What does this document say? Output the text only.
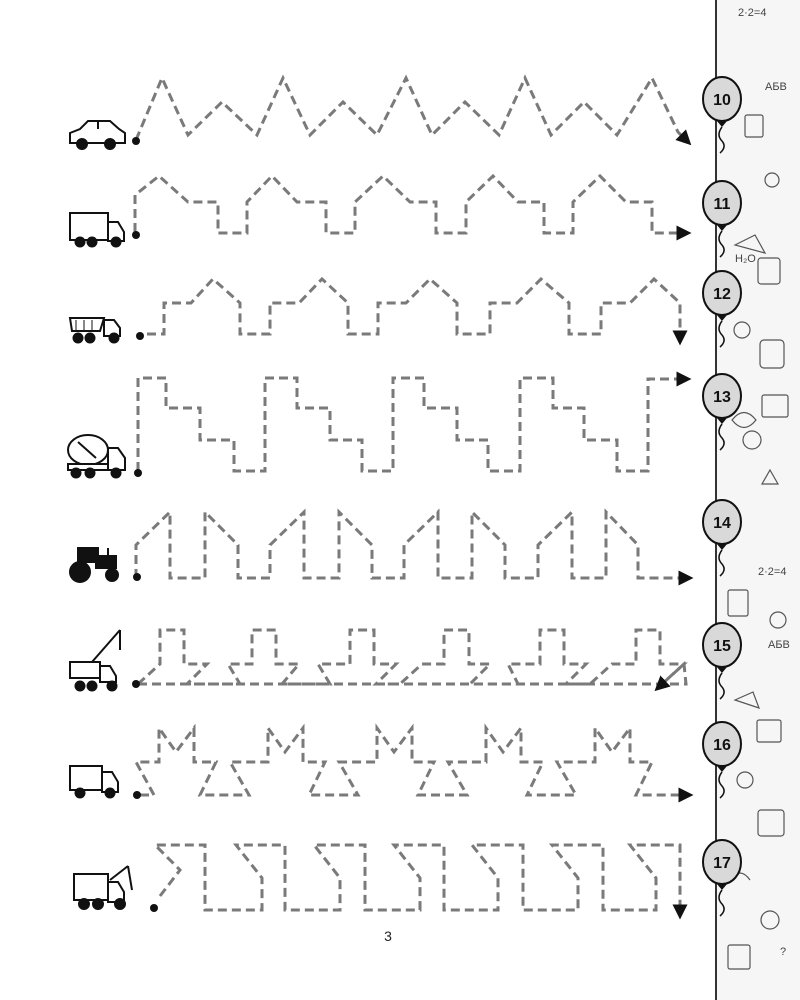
2·2=4
АБВ
H₂O
2·2=4
АБВ
?
10
11
12
13
14
15
16
17
3
